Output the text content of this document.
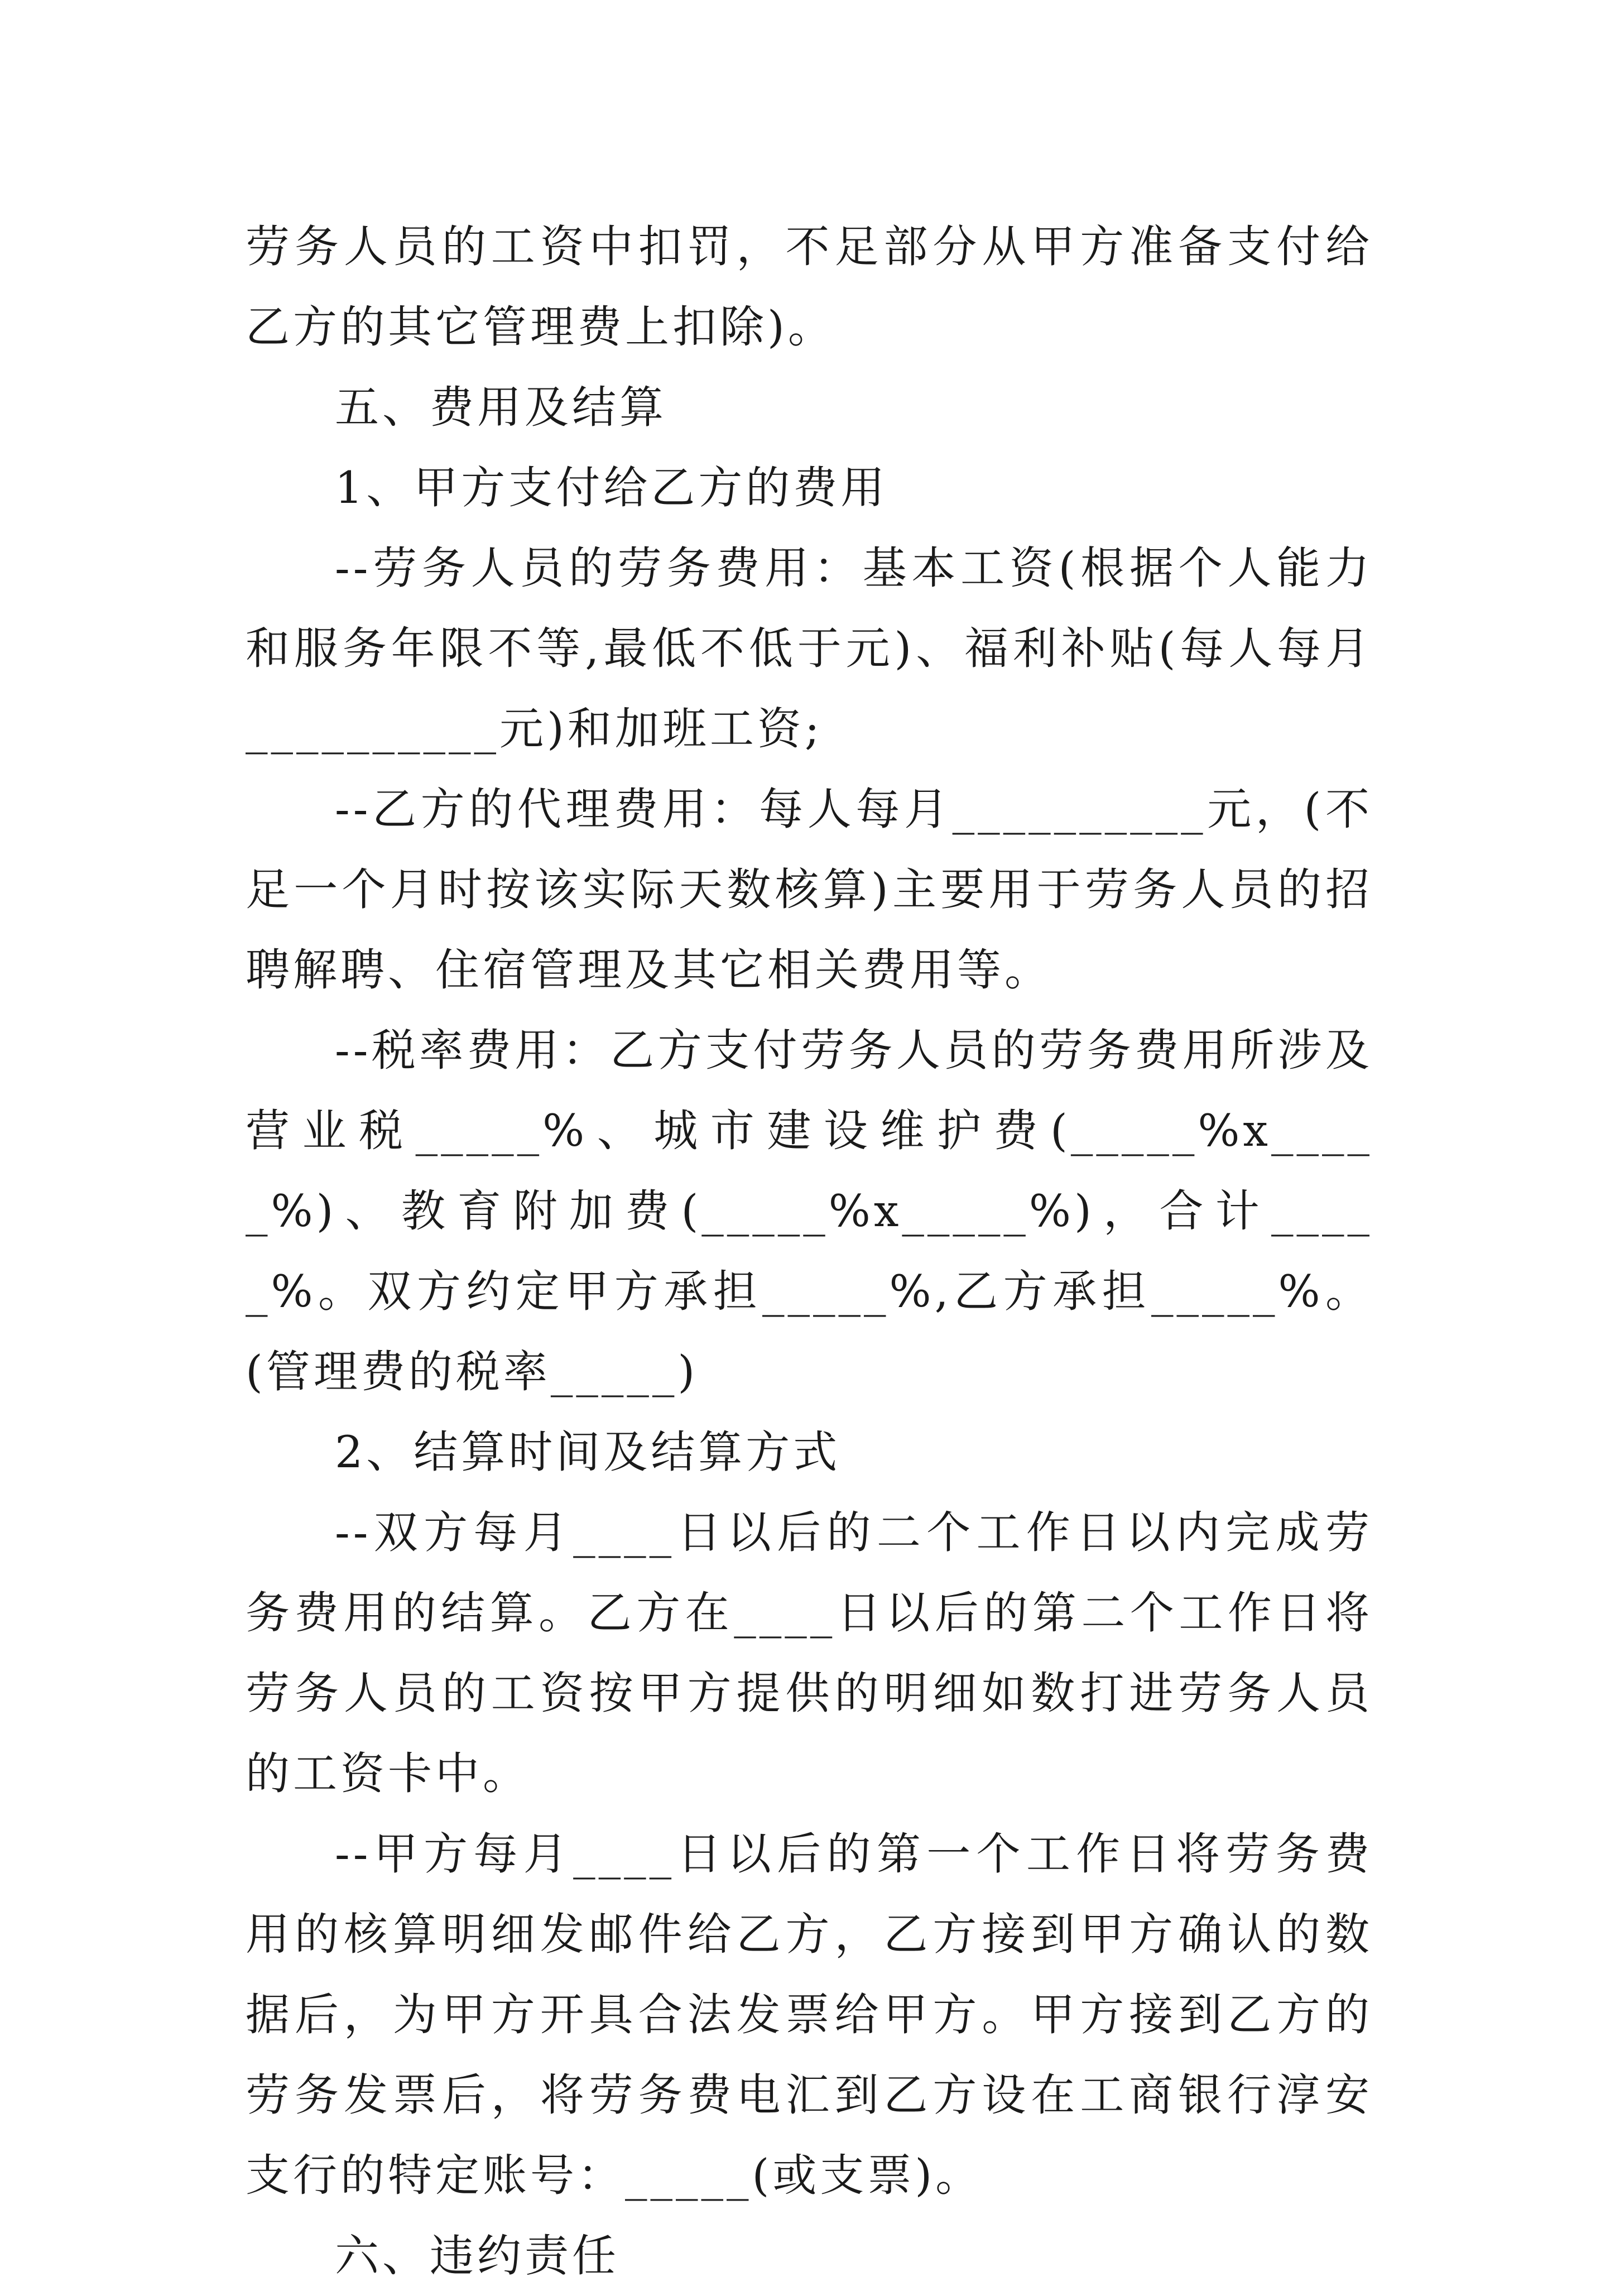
劳务人员的工资中扣罚，不足部分从甲方准备支付给乙方的其它管理费上扣除)。

五、费用及结算

1、甲方支付给乙方的费用

--劳务人员的劳务费用：基本工资(根据个人能力和服务年限不等,最低不低于元)、福利补贴(每人每月__________元)和加班工资;

--乙方的代理费用：每人每月__________元，(不足一个月时按该实际天数核算)主要用于劳务人员的招聘解聘、住宿管理及其它相关费用等。

--税率费用：乙方支付劳务人员的劳务费用所涉及营业税_____%、城市建设维护费(_____%x_____%)、教育附加费(_____%x_____%)，合计_____%。双方约定甲方承担_____%,乙方承担_____%。(管理费的税率_____)

2、结算时间及结算方式

--双方每月____日以后的二个工作日以内完成劳务费用的结算。乙方在____日以后的第二个工作日将劳务人员的工资按甲方提供的明细如数打进劳务人员的工资卡中。

--甲方每月____日以后的第一个工作日将劳务费用的核算明细发邮件给乙方，乙方接到甲方确认的数据后，为甲方开具合法发票给甲方。甲方接到乙方的劳务发票后，将劳务费电汇到乙方设在工商银行淳安支行的特定账号：_____(或支票)。

六、违约责任
